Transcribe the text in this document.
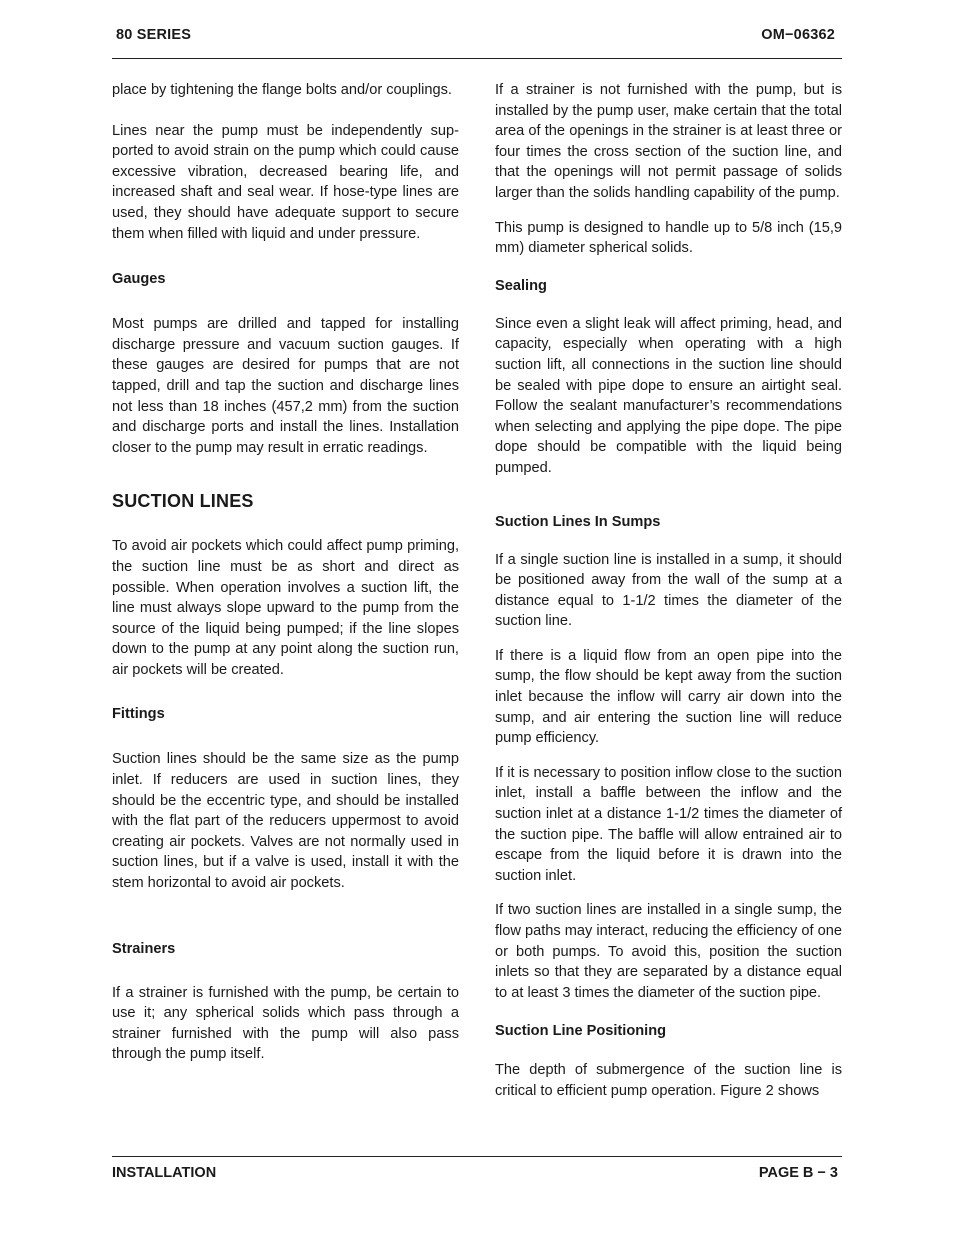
80 SERIES	OM−06362

place by tightening the flange bolts and/or couplings.

Lines near the pump must be independently supported to avoid strain on the pump which could cause excessive vibration, decreased bearing life, and increased shaft and seal wear. If hose-type lines are used, they should have adequate support to secure them when filled with liquid and under pressure.

Gauges

Most pumps are drilled and tapped for installing discharge pressure and vacuum suction gauges. If these gauges are desired for pumps that are not tapped, drill and tap the suction and discharge lines not less than 18 inches (457,2 mm) from the suction and discharge ports and install the lines. Installation closer to the pump may result in erratic readings.

SUCTION LINES

To avoid air pockets which could affect pump priming, the suction line must be as short and direct as possible. When operation involves a suction lift, the line must always slope upward to the pump from the source of the liquid being pumped; if the line slopes down to the pump at any point along the suction run, air pockets will be created.

Fittings

Suction lines should be the same size as the pump inlet. If reducers are used in suction lines, they should be the eccentric type, and should be installed with the flat part of the reducers uppermost to avoid creating air pockets. Valves are not normally used in suction lines, but if a valve is used, install it with the stem horizontal to avoid air pockets.

Strainers

If a strainer is furnished with the pump, be certain to use it; any spherical solids which pass through a strainer furnished with the pump will also pass through the pump itself.

If a strainer is not furnished with the pump, but is installed by the pump user, make certain that the total area of the openings in the strainer is at least three or four times the cross section of the suction line, and that the openings will not permit passage of solids larger than the solids handling capability of the pump.

This pump is designed to handle up to 5/8 inch (15,9 mm) diameter spherical solids.

Sealing

Since even a slight leak will affect priming, head, and capacity, especially when operating with a high suction lift, all connections in the suction line should be sealed with pipe dope to ensure an airtight seal. Follow the sealant manufacturer’s recommendations when selecting and applying the pipe dope. The pipe dope should be compatible with the liquid being pumped.

Suction Lines In Sumps

If a single suction line is installed in a sump, it should be positioned away from the wall of the sump at a distance equal to 1-1/2 times the diameter of the suction line.

If there is a liquid flow from an open pipe into the sump, the flow should be kept away from the suction inlet because the inflow will carry air down into the sump, and air entering the suction line will reduce pump efficiency.

If it is necessary to position inflow close to the suction inlet, install a baffle between the inflow and the suction inlet at a distance 1-1/2 times the diameter of the suction pipe. The baffle will allow entrained air to escape from the liquid before it is drawn into the suction inlet.

If two suction lines are installed in a single sump, the flow paths may interact, reducing the efficiency of one or both pumps. To avoid this, position the suction inlets so that they are separated by a distance equal to at least 3 times the diameter of the suction pipe.

Suction Line Positioning

The depth of submergence of the suction line is critical to efficient pump operation. Figure 2 shows

INSTALLATION	PAGE B − 3
